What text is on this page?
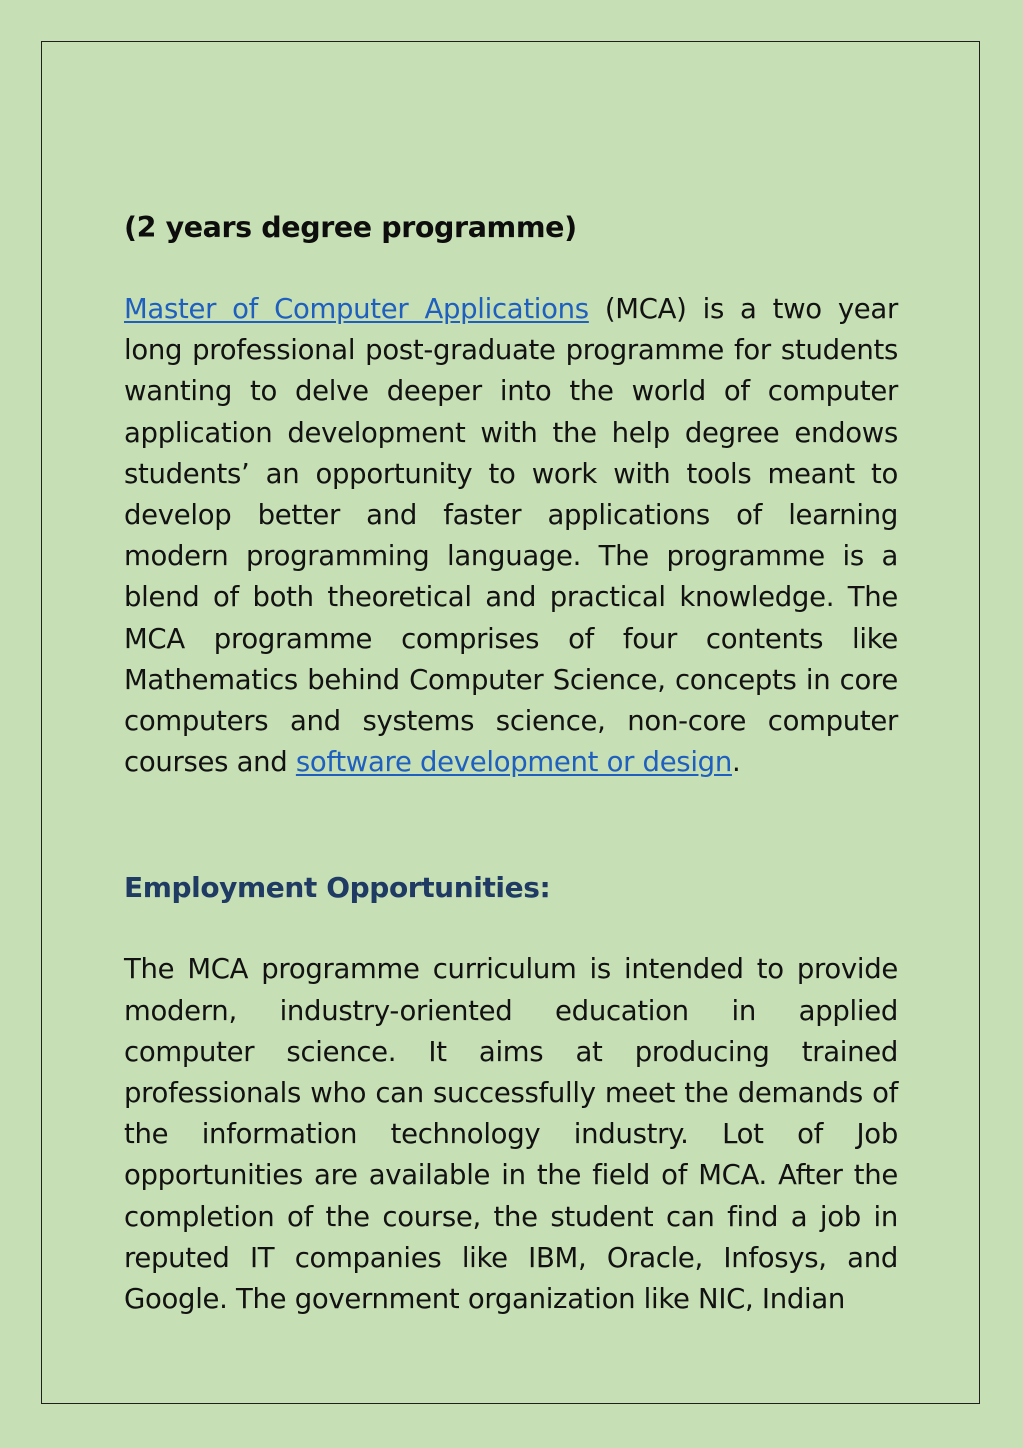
(2 years degree programme)

Master of Computer Applications (MCA) is a two year long professional post-graduate programme for students wanting to delve deeper into the world of computer application development with the help degree endows students’ an opportunity to work with tools meant to develop better and faster applications of learning modern programming language. The programme is a blend of both theoretical and practical knowledge. The MCA programme comprises of four contents like Mathematics behind Computer Science, concepts in core computers and systems science, non-core computer courses and software development or design.

Employment Opportunities:

The MCA programme curriculum is intended to provide modern, industry-oriented education in applied computer science. It aims at producing trained professionals who can successfully meet the demands of the information technology industry. Lot of Job opportunities are available in the field of MCA. After the completion of the course, the student can find a job in reputed IT companies like IBM, Oracle, Infosys, and Google. The government organization like NIC, Indian
